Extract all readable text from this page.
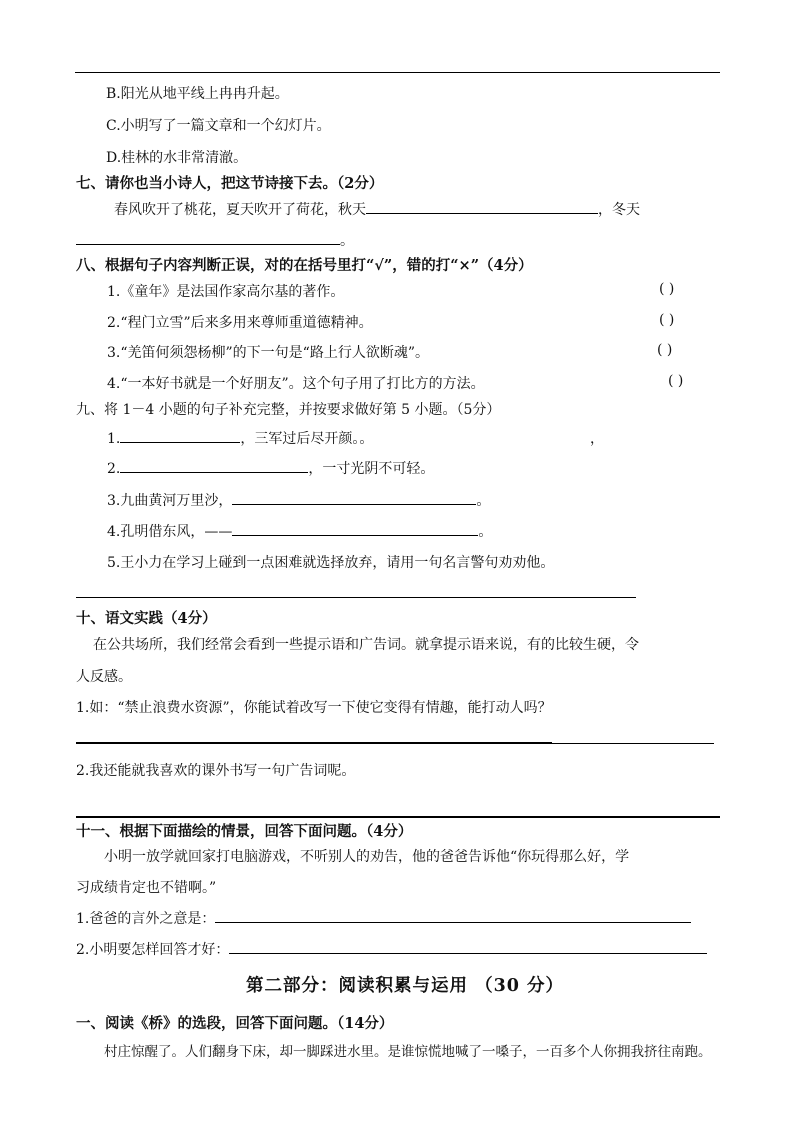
B.阳光从地平线上冉冉升起。
C.小明写了一篇文章和一个幻灯片。
D.桂林的水非常清澈。
七、请你也当小诗人，把这节诗接下去。（2分）
春风吹开了桃花，夏天吹开了荷花，秋天	，冬天
。
八、根据句子内容判断正误，对的在括号里打“√”，错的打“×”（4分）
1.《童年》是法国作家高尔基的著作。	( )
2.“程门立雪”后来多用来尊师重道德精神。	( )
3.“羌笛何须怨杨柳”的下一句是“路上行人欲断魂”。	( )
4.“一本好书就是一个好朋友”。这个句子用了打比方的方法。	( )
九、将 1－4 小题的句子补充完整，并按要求做好第 5 小题。（5分）
1.	，三军过后尽开颜。。	，
2.	，一寸光阴不可轻。
3.九曲黄河万里沙，	。
4.孔明借东风，——	。
5.王小力在学习上碰到一点困难就选择放弃，请用一句名言警句劝劝他。
十、语文实践（4分）
在公共场所，我们经常会看到一些提示语和广告词。就拿提示语来说，有的比较生硬，令
人反感。
1.如：“禁止浪费水资源”，你能试着改写一下使它变得有情趣，能打动人吗？
2.我还能就我喜欢的课外书写一句广告词呢。
十一、根据下面描绘的情景，回答下面问题。（4分）
小明一放学就回家打电脑游戏，不听别人的劝告，他的爸爸告诉他“你玩得那么好，学
习成绩肯定也不错啊。”
1.爸爸的言外之意是：
2.小明要怎样回答才好：
第二部分：阅读积累与运用 （30 分）
一、阅读《桥》的选段，回答下面问题。（14分）
村庄惊醒了。人们翻身下床，却一脚踩进水里。是谁惊慌地喊了一嗓子，一百多个人你拥我挤往南跑。
